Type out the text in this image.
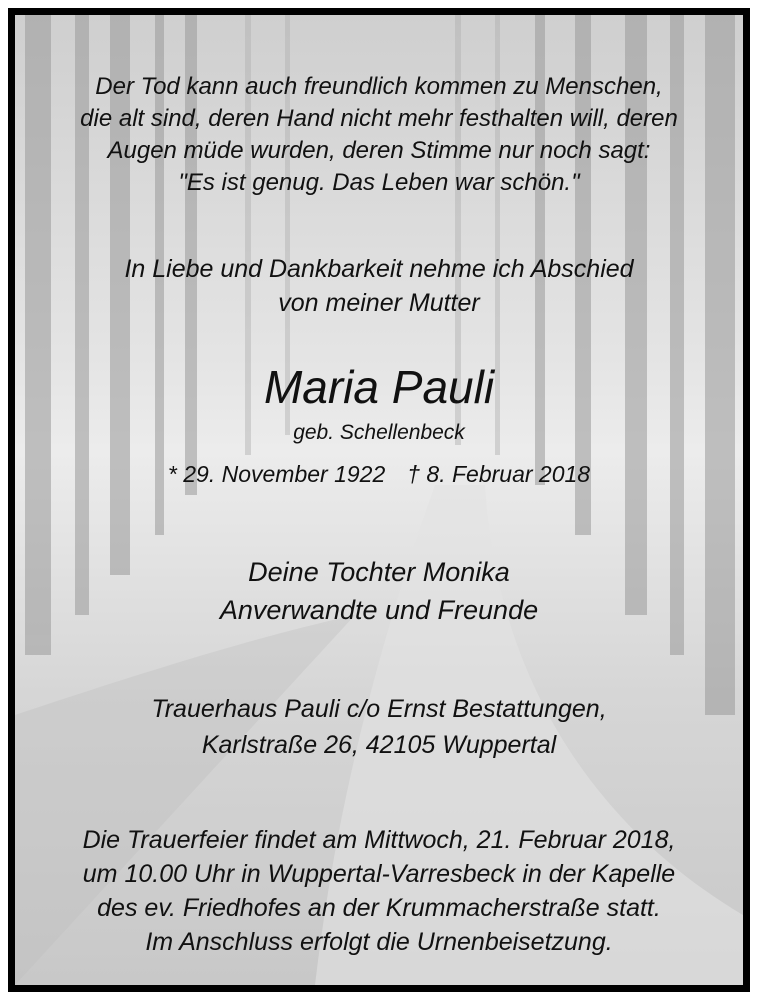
Der Tod kann auch freundlich kommen zu Menschen,
die alt sind, deren Hand nicht mehr festhalten will, deren
Augen müde wurden, deren Stimme nur noch sagt:
"Es ist genug. Das Leben war schön."
In Liebe und Dankbarkeit nehme ich Abschied
von meiner Mutter
Maria Pauli
geb. Schellenbeck
* 29. November 1922 † 8. Februar 2018
Deine Tochter Monika
Anverwandte und Freunde
Trauerhaus Pauli c/o Ernst Bestattungen,
Karlstraße 26, 42105 Wuppertal
Die Trauerfeier findet am Mittwoch, 21. Februar 2018,
um 10.00 Uhr in Wuppertal-Varresbeck in der Kapelle
des ev. Friedhofes an der Krummacherstraße statt.
Im Anschluss erfolgt die Urnenbeisetzung.
